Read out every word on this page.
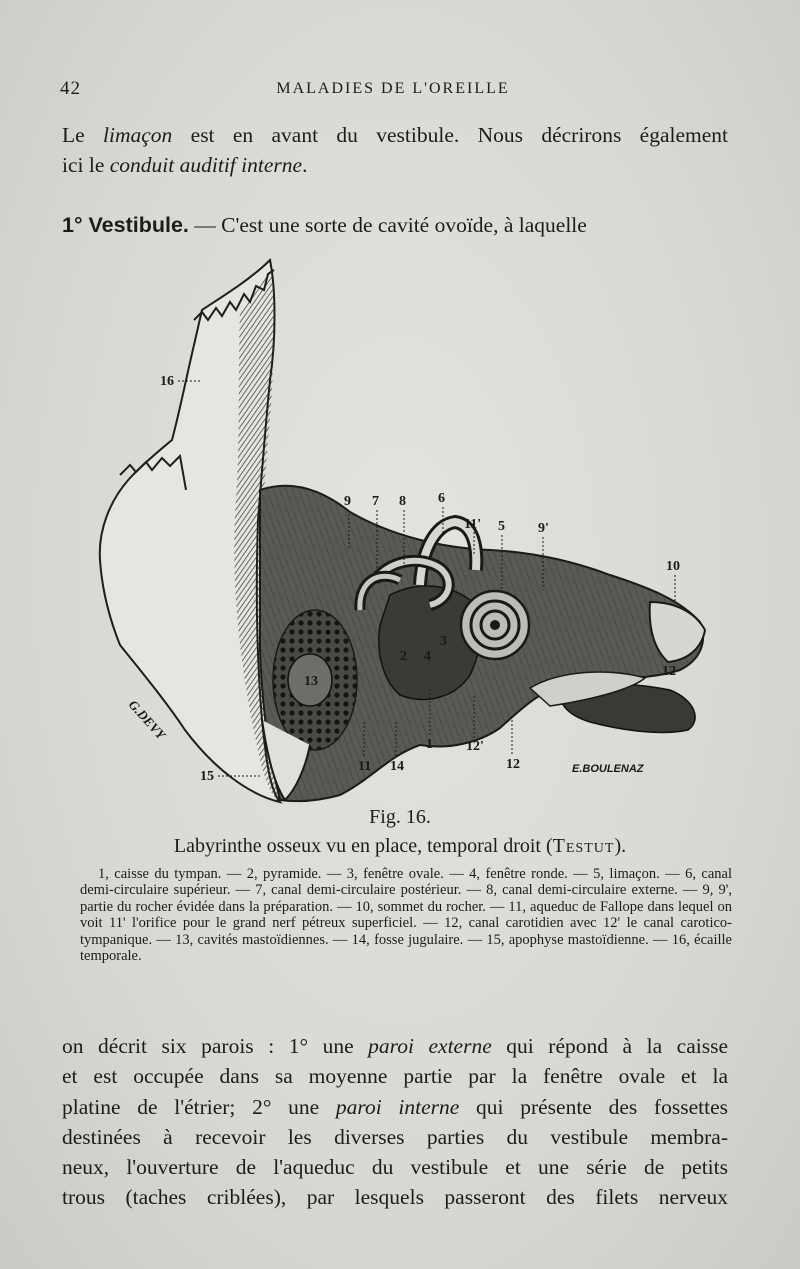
42	MALADIES DE L'OREILLE
Le limaçon est en avant du vestibule. Nous décrirons également
ici le conduit auditif interne.
1° Vestibule. — C'est une sorte de cavité ovoïde, à laquelle
16
9 7 8 6
11' 5 9'
10
3
2 4
13
12
1 12'
11 14	12
15
G.DEVY
E.BOULENAZ
Fig. 16.
Labyrinthe osseux vu en place, temporal droit (Testut).
1, caisse du tympan. — 2, pyramide. — 3, fenêtre ovale. — 4, fenêtre ronde. — 5, limaçon. — 6, canal demi-circulaire supérieur. — 7, canal demi-circulaire postérieur. — 8, canal demi-circulaire externe. — 9, 9', partie du rocher évidée dans la préparation. — 10, sommet du rocher. — 11, aqueduc de Fallope dans lequel on voit 11' l'orifice pour le grand nerf pétreux superficiel. — 12, canal carotidien avec 12' le canal carotico-tympanique. — 13, cavités mastoïdiennes. — 14, fosse jugulaire. — 15, apophyse mastoïdienne. — 16, écaille temporale.
on décrit six parois : 1° une paroi externe qui répond à la caisse
et est occupée dans sa moyenne partie par la fenêtre ovale et la
platine de l'étrier; 2° une paroi interne qui présente des fossettes
destinées à recevoir les diverses parties du vestibule membra-
neux, l'ouverture de l'aqueduc du vestibule et une série de petits
trous (taches criblées), par lesquels passeront des filets nerveux
